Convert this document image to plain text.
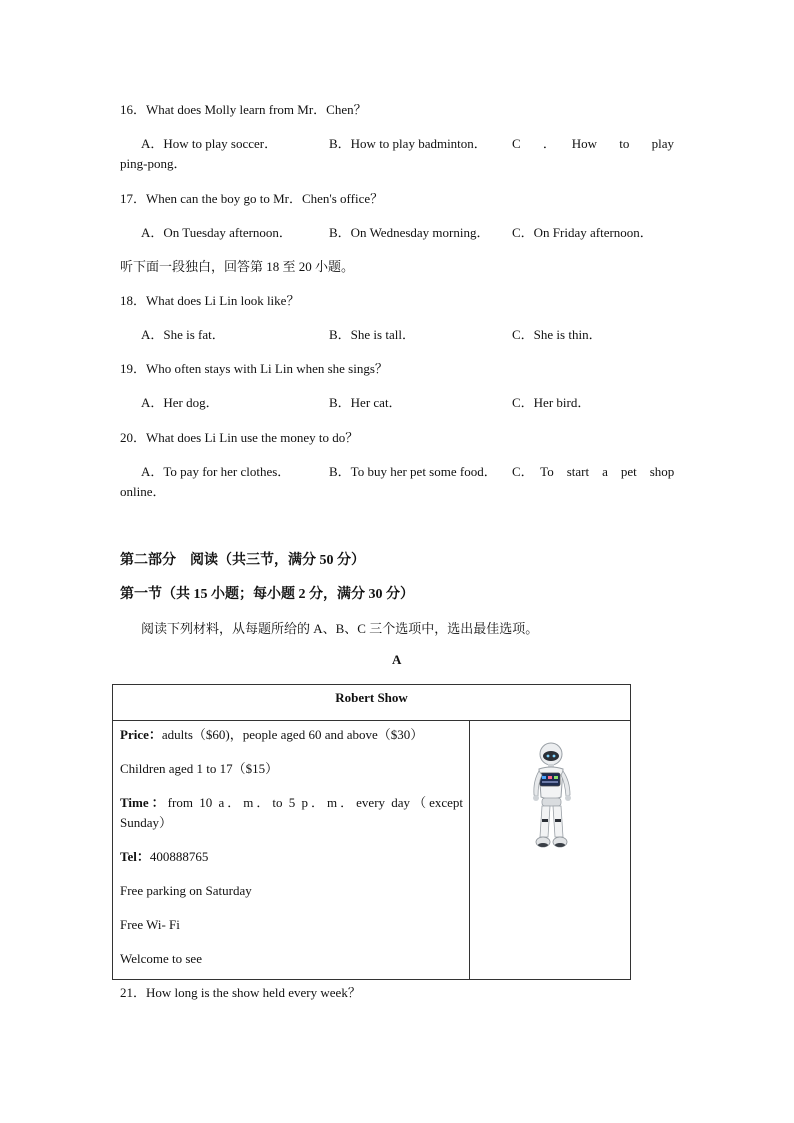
16．What does Molly learn from Mr．Chen？
A．How to play soccer．	B．How to play badminton． C　．　How　to　play
ping-pong．
17．When can the boy go to Mr．Chen's office？
A．On Tuesday afternoon．	B．On Wednesday morning． C．On Friday afternoon．
听下面一段独白，回答第 18 至 20 小题。
18．What does Li Lin look like？
A．She is fat．	B．She is tall．	C．She is thin．
19．Who often stays with Li Lin when she sings？
A．Her dog．	B．Her cat．	C．Her bird．
20．What does Li Lin use the money to do？
A．To pay for her clothes．	B．To buy her pet some food． C．　To　start　a　pet　shop
online．
第二部分　阅读（共三节，满分 50 分）
第一节（共 15 小题；每小题 2 分，满分 30 分）
阅读下列材料，从每题所给的 A、B、C 三个选项中，选出最佳选项。
A
Robert Show

Price：adults（$60)，people aged 60 and above（$30）
Children aged 1 to 17（$15）
Time：from 10 a．m．to 5 p．m．every day（except
Sunday）
Tel：400888765
Free parking on Saturday
Free Wi- Fi
Welcome to see

21．How long is the show held every week？
